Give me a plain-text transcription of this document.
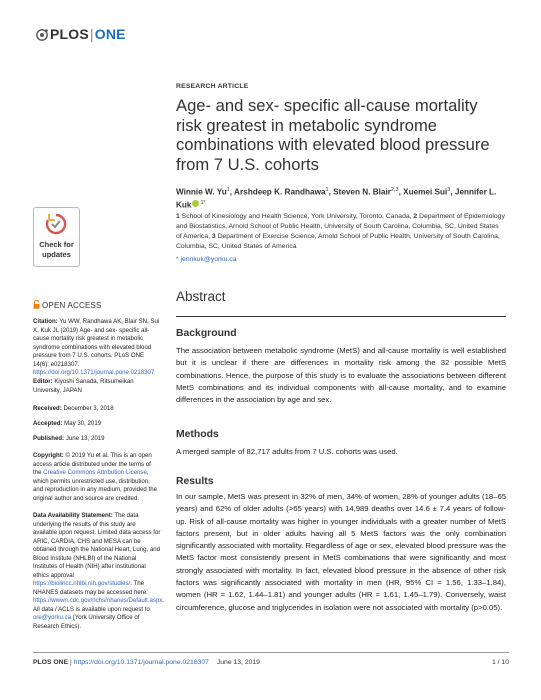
PLOS|ONE
Check for
updates
OPEN ACCESS
Citation: Yu WW, Randhawa AK, Blair SN, Sui X, Kuk JL (2019) Age- and sex- specific all-cause mortality risk greatest in metabolic syndrome combinations with elevated blood pressure from 7 U.S. cohorts. PLoS ONE 14(6): e0218307. https://doi.org/10.1371/journal.pone.0218307
Editor: Kiyoshi Sanada, Ritsumeikan University, JAPAN
Received: December 3, 2018
Accepted: May 30, 2019
Published: June 13, 2019
Copyright: © 2019 Yu et al. This is an open access article distributed under the terms of the Creative Commons Attribution License, which permits unrestricted use, distribution, and reproduction in any medium, provided the original author and source are credited.
Data Availability Statement: The data underlying the results of this study are available upon request. Limited data access for ARIC, CARDIA, CHS and MESA can be obtained through the National Heart, Lung, and Blood Institute (NHLBI) of the National Institutes of Health (NIH) after institutional ethics approval https://biolincc.nhlbi.nih.gov/studies/. The NHANES datasets may be accessed here: https://wwwn.cdc.gov/nchs/nhanes/Default.aspx. All data / ACLS is available upon request to ore@yorku.ca (York University Office of Research Ethics).
RESEARCH ARTICLE
Age- and sex- specific all-cause mortality risk greatest in metabolic syndrome combinations with elevated blood pressure from 7 U.S. cohorts
Winnie W. Yu$^1$, Arshdeep K. Randhawa$^1$, Steven N. Blair$^{2,3}$, Xuemei Sui$^3$, Jennifer L. Kuk $^{1*}$
1 School of Kinesiology and Health Science, York University, Toronto, Canada, 2 Department of Epidemiology and Biostatistics, Arnold School of Public Health, University of South Carolina, Columbia, SC, United States of America, 3 Department of Exercise Science, Arnold School of Public Health, University of South Carolina, Columbia, SC, United States of America
* jennkuk@yorku.ca
Abstract
Background
The association between metabolic syndrome (MetS) and all-cause mortality is well established but it is unclear if there are differences in mortality risk among the 32 possible MetS combinations. Hence, the purpose of this study is to evaluate the associations between different MetS combinations and its individual components with all-cause mortality, and to examine differences in the association by age and sex.
Methods
A merged sample of 82,717 adults from 7 U.S. cohorts was used.
Results
In our sample, MetS was present in 32% of men, 34% of women, 28% of younger adults (18–65 years) and 62% of older adults (>65 years) with 14,989 deaths over 14.6 ± 7.4 years of follow-up. Risk of all-cause mortality was higher in younger individuals with a greater number of MetS factors present, but in older adults having all 5 MetS factors was the only combination significantly associated with mortality. Regardless of age or sex, elevated blood pressure was the MetS factor most consistently present in MetS combinations that were significantly and most strongly associated with mortality. In fact, elevated blood pressure in the absence of other risk factors was significantly associated with mortality in men (HR, 95% CI = 1.56, 1.33–1.84), women (HR = 1.62, 1.44–1.81) and younger adults (HR = 1.61, 1.45–1.79). Conversely, waist circumference, glucose and triglycerides in isolation were not associated with mortality (p>0.05).
PLOS ONE | https://doi.org/10.1371/journal.pone.0218307 June 13, 2019	1 / 10
